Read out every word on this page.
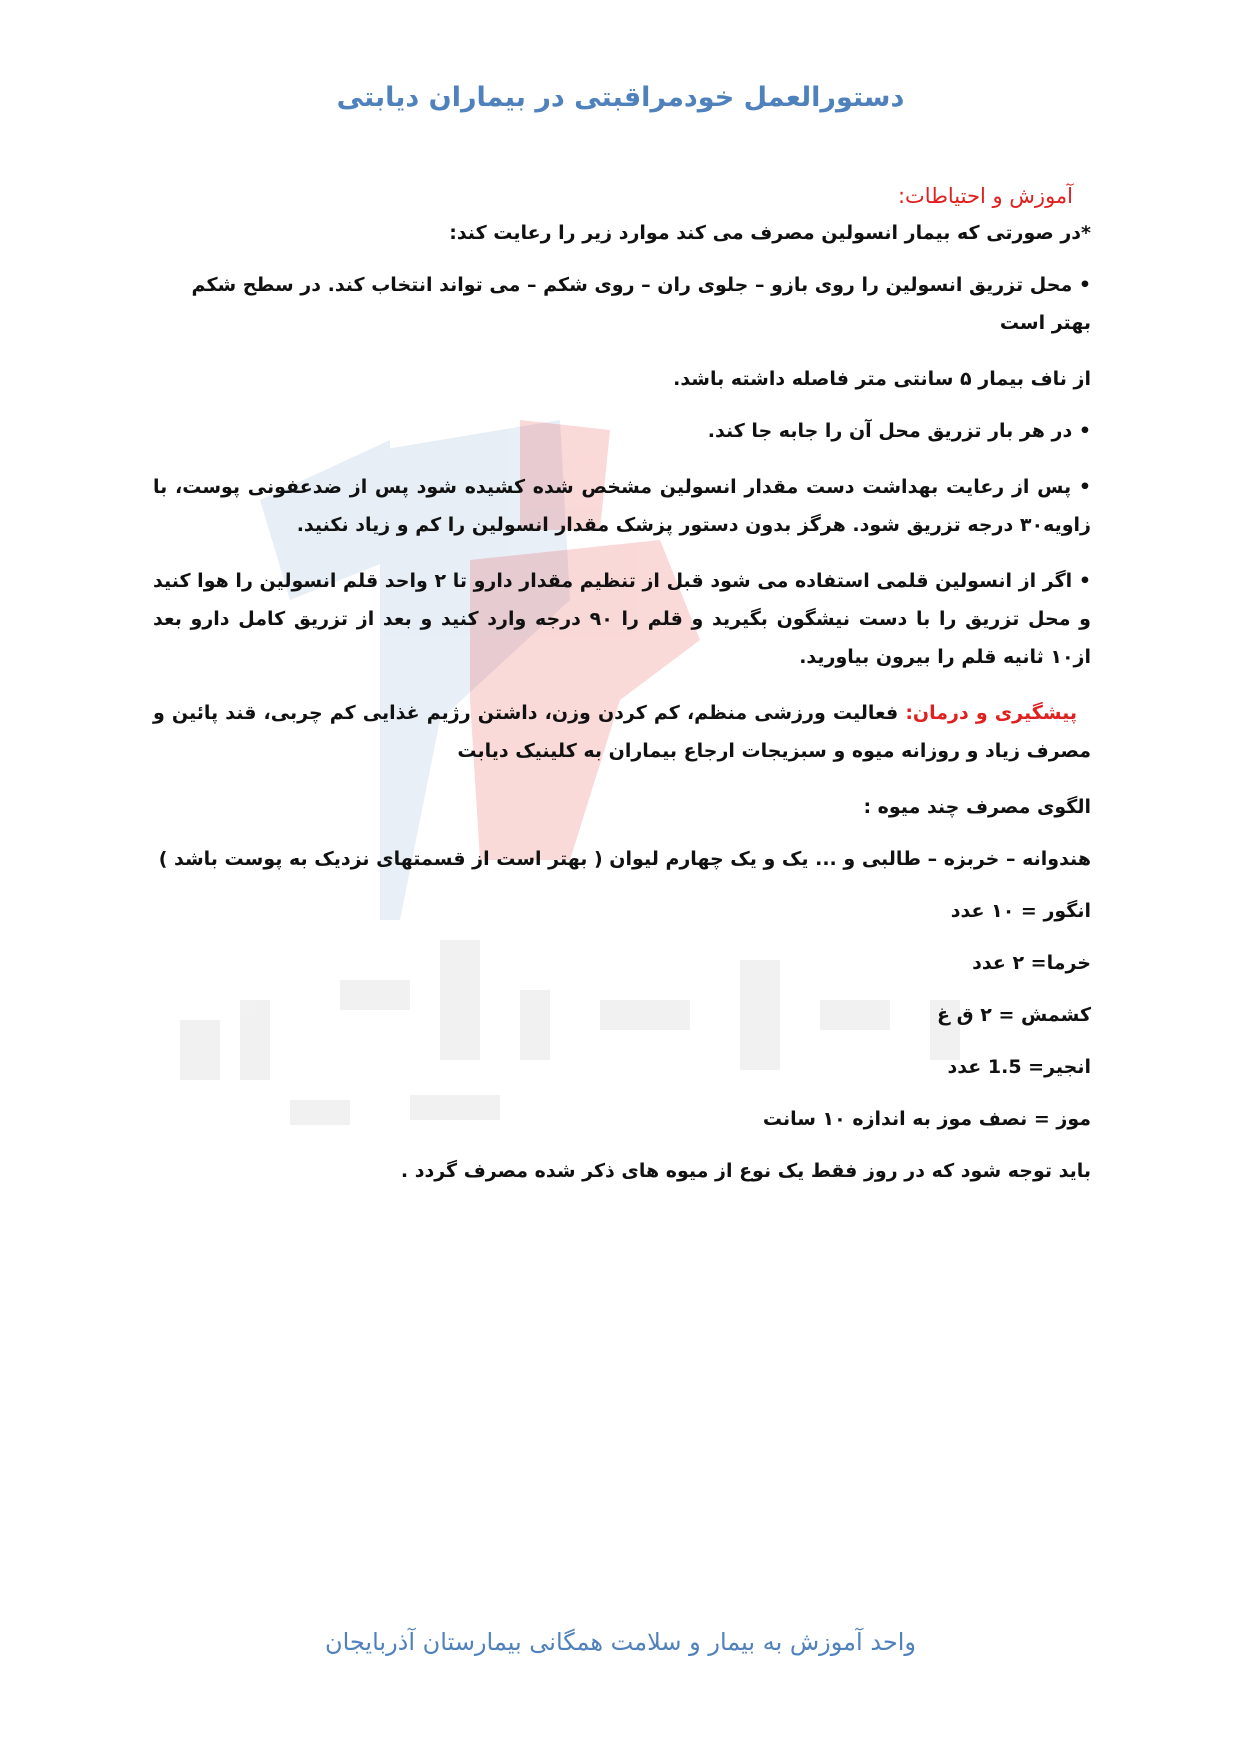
دستورالعمل خودمراقبتی در بیماران دیابتی

آموزش و احتیاطات:

*در صورتی که بیمار انسولین مصرف می کند موارد زیر را رعایت کند:

• محل تزریق انسولین را روی بازو – جلوی ران – روی شکم – می تواند انتخاب کند. در سطح شکم بهتر است

از ناف بیمار ۵ سانتی متر فاصله داشته باشد.

• در هر بار تزریق محل آن را جابه جا کند.

• پس از رعایت بهداشت دست مقدار انسولین مشخص شده کشیده شود پس از ضدعفونی پوست، با زاویه۳۰ درجه تزریق شود. هرگز بدون دستور پزشک مقدار انسولین را کم و زیاد نکنید.

• اگر از انسولین قلمی استفاده می شود قبل از تنظیم مقدار دارو تا ۲ واحد قلم انسولین را هوا کنید و محل تزریق را با دست نیشگون بگیرید و قلم را ۹۰ درجه وارد کنید و بعد از تزریق کامل دارو بعد از۱۰ ثانیه قلم را بیرون بیاورید.

پیشگیری و درمان: فعالیت ورزشی منظم، کم کردن وزن، داشتن رژیم غذایی کم چربی، قند پائین و مصرف زیاد و روزانه میوه و سبزیجات ارجاع بیماران به کلینیک دیابت

الگوی مصرف چند میوه :

هندوانه – خربزه – طالبی و ... یک و یک چهارم لیوان ( بهتر است از قسمتهای نزدیک به پوست باشد )

انگور = ۱۰ عدد

خرما= ۲ عدد

کشمش = ۲ ق غ

انجیر= 1.5 عدد

موز = نصف موز به اندازه ۱۰ سانت

باید توجه شود که در روز فقط یک نوع از میوه های ذکر شده مصرف گردد .

واحد آموزش به بیمار و سلامت همگانی بیمارستان آذربایجان
